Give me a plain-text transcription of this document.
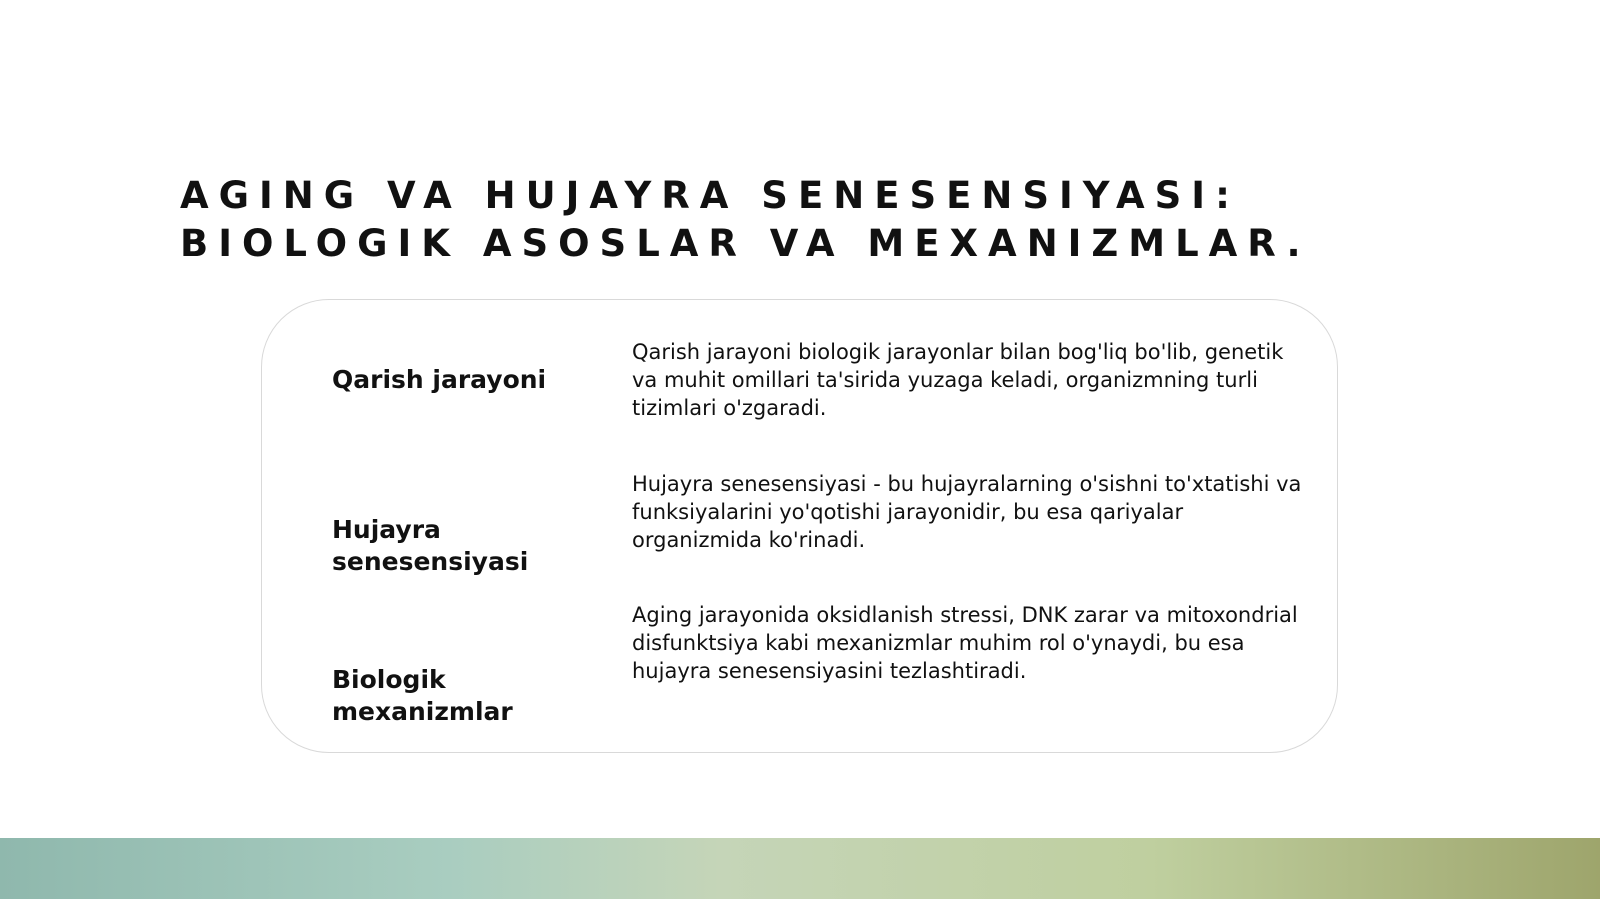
AGING VA HUJAYRA SENESENSIYASI:
BIOLOGIK ASOSLAR VA MEXANIZMLAR.

Qarish jarayoni

Qarish jarayoni biologik jarayonlar bilan bog'liq bo'lib, genetik va muhit omillari ta'sirida yuzaga keladi, organizmning turli tizimlari o'zgaradi.

Hujayra senesensiyasi

Hujayra senesensiyasi - bu hujayralarning o'sishni to'xtatishi va funksiyalarini yo'qotishi jarayonidir, bu esa qariyalar organizmida ko'rinadi.

Biologik mexanizmlar

Aging jarayonida oksidlanish stressi, DNK zarar va mitoxondrial disfunktsiya kabi mexanizmlar muhim rol o'ynaydi, bu esa hujayra senesensiyasini tezlashtiradi.
